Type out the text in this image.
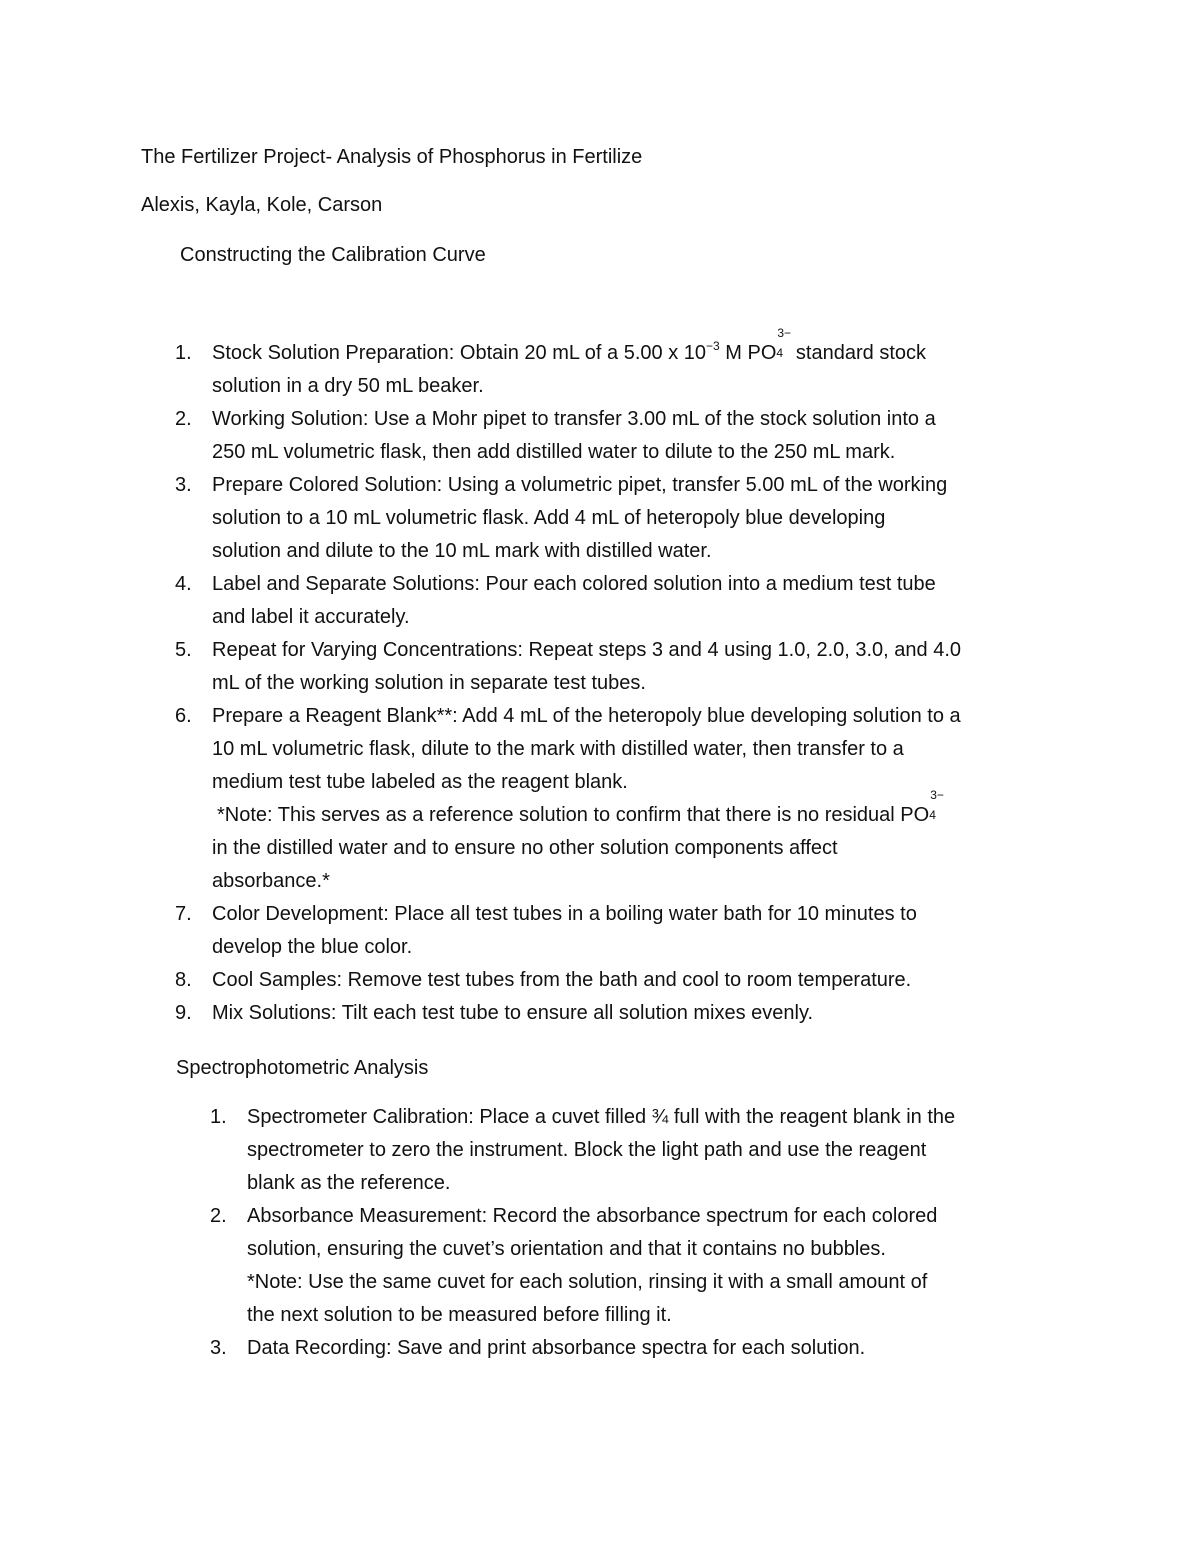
The Fertilizer Project- Analysis of Phosphorus in Fertilize
Alexis, Kayla, Kole, Carson
Constructing the Calibration Curve
1. Stock Solution Preparation: Obtain 20 mL of a 5.00 x $10^{-3}$ M PO
3−
4 standard stock
solution in a dry 50 mL beaker.
2. Working Solution: Use a Mohr pipet to transfer 3.00 mL of the stock solution into a
250 mL volumetric flask, then add distilled water to dilute to the 250 mL mark.
3. Prepare Colored Solution: Using a volumetric pipet, transfer 5.00 mL of the working
solution to a 10 mL volumetric flask. Add 4 mL of heteropoly blue developing
solution and dilute to the 10 mL mark with distilled water.
4. Label and Separate Solutions: Pour each colored solution into a medium test tube
and label it accurately.
5. Repeat for Varying Concentrations: Repeat steps 3 and 4 using 1.0, 2.0, 3.0, and 4.0
mL of the working solution in separate test tubes.
6. Prepare a Reagent Blank**: Add 4 mL of the heteropoly blue developing solution to a
10 mL volumetric flask, dilute to the mark with distilled water, then transfer to a
medium test tube labeled as the reagent blank.
*Note: This serves as a reference solution to confirm that there is no residual PO
3−
4
in the distilled water and to ensure no other solution components affect
absorbance.*
7. Color Development: Place all test tubes in a boiling water bath for 10 minutes to
develop the blue color.
8. Cool Samples: Remove test tubes from the bath and cool to room temperature.
9. Mix Solutions: Tilt each test tube to ensure all solution mixes evenly.
Spectrophotometric Analysis
1. Spectrometer Calibration: Place a cuvet filled ¾ full with the reagent blank in the
spectrometer to zero the instrument. Block the light path and use the reagent
blank as the reference.
2. Absorbance Measurement: Record the absorbance spectrum for each colored
solution, ensuring the cuvet’s orientation and that it contains no bubbles.
*Note: Use the same cuvet for each solution, rinsing it with a small amount of
the next solution to be measured before filling it.
3. Data Recording: Save and print absorbance spectra for each solution.
